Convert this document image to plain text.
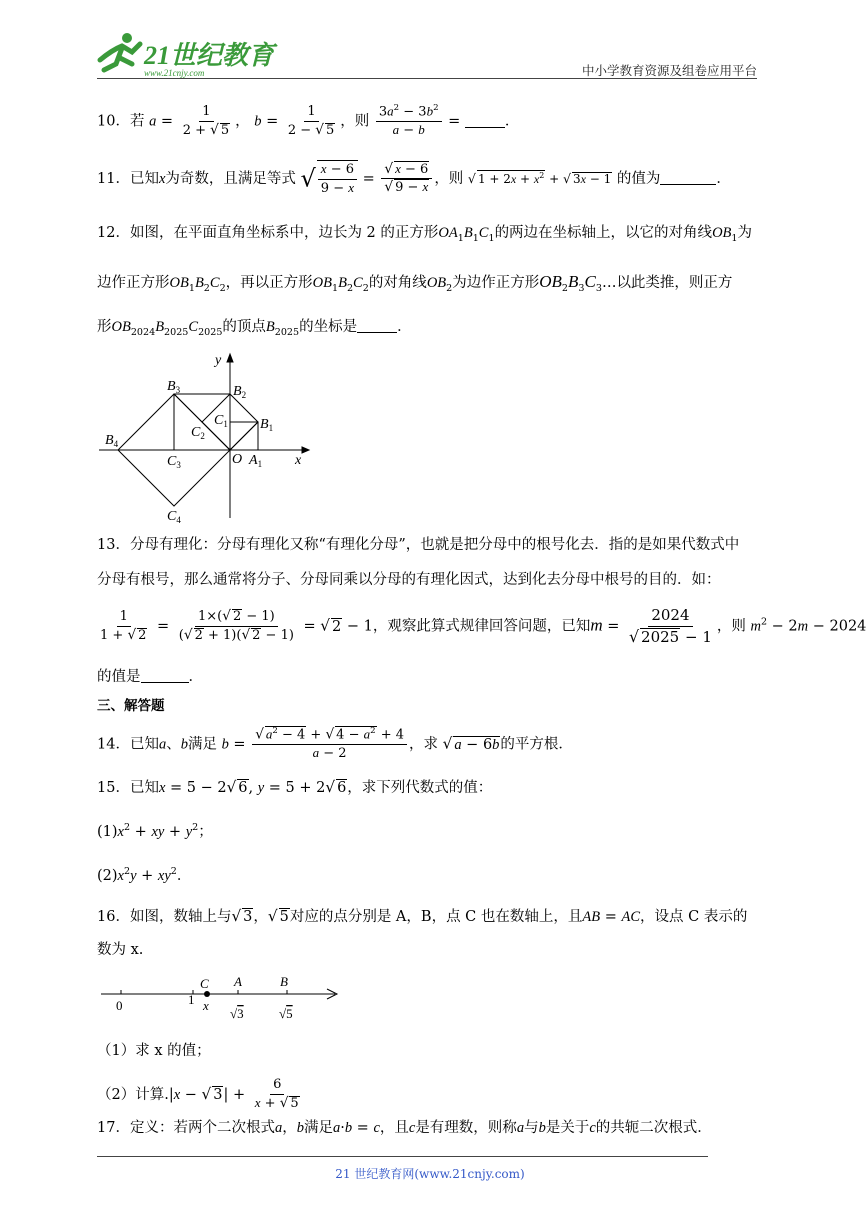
21世纪教育
www.21cnjy.com	中小学教育资源及组卷应用平台
10．若 $a = \frac{1}{2 + √ 5}$ ， $b = \frac{1}{2 - √ 5}$ ，则 $\frac{3a^2 - 3b^2}{a - b}$ =	．
11．已知x为奇数，且满足等式 √ $\frac{x - 6}{9 - x} = \frac{√ x - 6}{√ 9 - x}$ ，则 √ $1 + 2x + x^2$ + √ 3x − 1 的值为	．
12．如图，在平面直角坐标系中，边长为 2 的正方形$OA_1B_1C_1$的两边在坐标轴上，以它的对角线$OB_1$为
边作正方形$OB_1B_2C_2$，再以正方形$OB_1B_2C_2$的对角线$OB_2$为边作正方形$OB_2B_3C_3\dots$以此类推，则正方
形$OB_{2024}B_{2025}C_{2025}$的顶点$B_{2025}$的坐标是	．
y
x
O
$B_1$
$B_2$
$B_3$
$B_4$
$C_1$
$C_2$
$C_3$
$C_4$
$A_1$
13．分母有理化：分母有理化又称“有理化分母”，也就是把分母中的根号化去．指的是如果代数式中
分母有根号，那么通常将分子、分母同乘以分母的有理化因式，达到化去分母中根号的目的．如：
$\frac{1}{1 + √ 2} = \frac{1\times(√ 2 - 1)}{(√ 2 + 1)(√ 2 - 1)}$ = √ 2 − 1，观察此算式规律回答问题，已知$m = \frac{2024}{√ 2025 - 1}$ ，则 $m^2 - 2m - 2024$
的值是	．
三、解答题
14．已知a、b满足 $b = \frac{√ a^2 - 4 + √ 4 - a^2 + 4}{a - 2}$ ，求 √ a − 6b的平方根．
15．已知x = 5 − 2√ 6, y = 5 + 2√ 6，求下列代数式的值：
$(1)x^2$ + xy + $y^2$；
$(2)x^2y + xy^2$．
16．如图，数轴上与√ 3，√ 5对应的点分别是 A，B，点 C 也在数轴上，且AB = AC，设点 C 表示的
数为 x.
0	1
C
x
A	B
√3	√5
（1）求 x 的值；
（2）计算.|x − √ $3| + \frac{6}{x + √ 5}$
17．定义：若两个二次根式a，b满足a·b = c，且c是有理数，则称a与b是关于c的共轭二次根式．
21 世纪教育网(www.21cnjy.com)
